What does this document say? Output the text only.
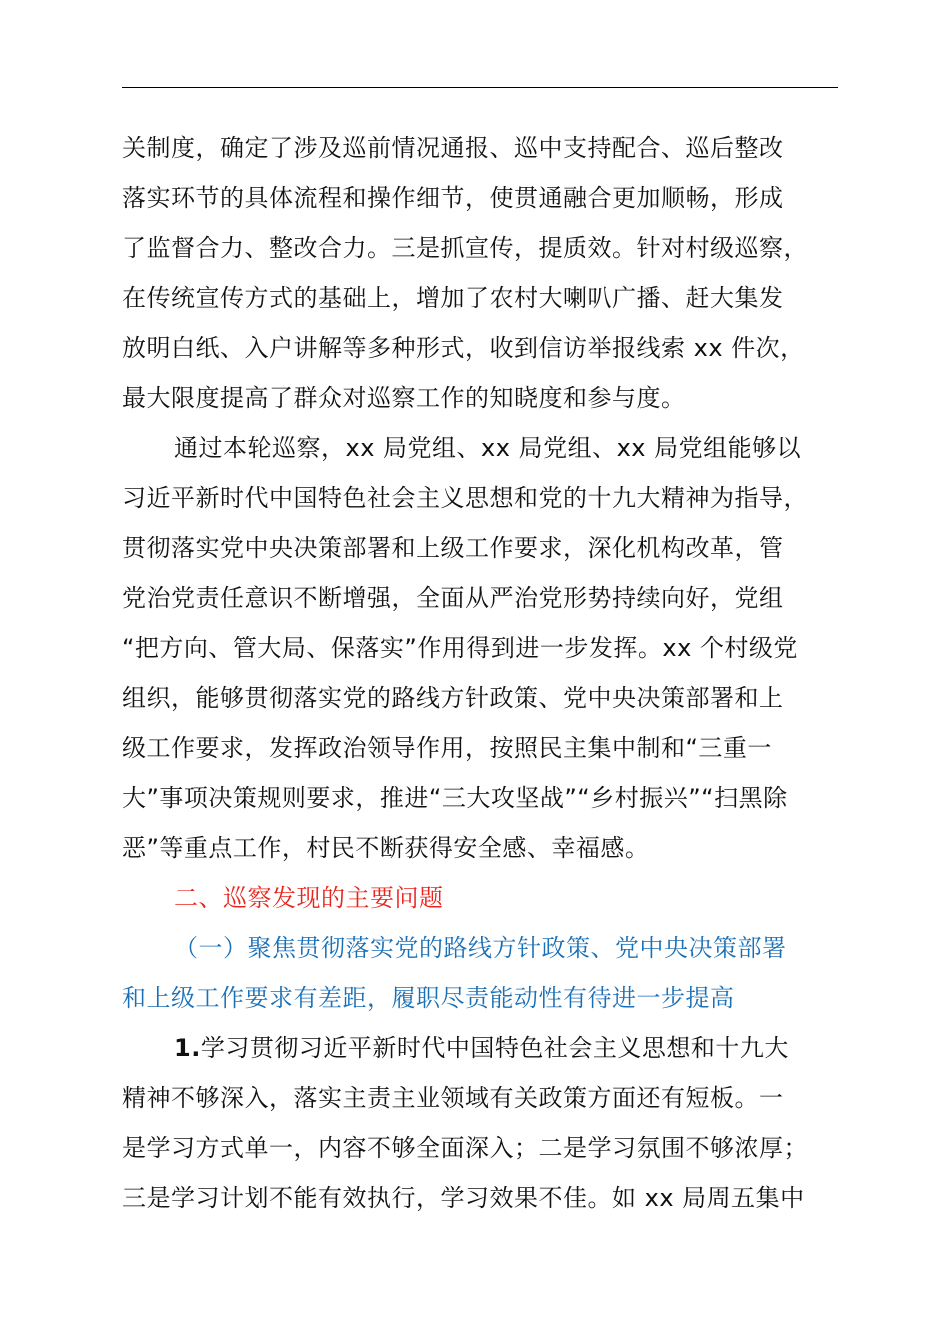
关制度，确定了涉及巡前情况通报、巡中支持配合、巡后整改
落实环节的具体流程和操作细节，使贯通融合更加顺畅，形成
了监督合力、整改合力。三是抓宣传，提质效。针对村级巡察，
在传统宣传方式的基础上，增加了农村大喇叭广播、赶大集发
放明白纸、入户讲解等多种形式，收到信访举报线索 xx 件次，
最大限度提高了群众对巡察工作的知晓度和参与度。
通过本轮巡察，xx 局党组、xx 局党组、xx 局党组能够以
习近平新时代中国特色社会主义思想和党的十九大精神为指导，
贯彻落实党中央决策部署和上级工作要求，深化机构改革，管
党治党责任意识不断增强，全面从严治党形势持续向好，党组
“把方向、管大局、保落实”作用得到进一步发挥。xx 个村级党
组织，能够贯彻落实党的路线方针政策、党中央决策部署和上
级工作要求，发挥政治领导作用，按照民主集中制和“三重一
大”事项决策规则要求，推进“三大攻坚战”“乡村振兴”“扫黑除
恶”等重点工作，村民不断获得安全感、幸福感。
二、巡察发现的主要问题
（一）聚焦贯彻落实党的路线方针政策、党中央决策部署
和上级工作要求有差距，履职尽责能动性有待进一步提高
1.学习贯彻习近平新时代中国特色社会主义思想和十九大
精神不够深入，落实主责主业领域有关政策方面还有短板。一
是学习方式单一，内容不够全面深入；二是学习氛围不够浓厚；
三是学习计划不能有效执行，学习效果不佳。如 xx 局周五集中
